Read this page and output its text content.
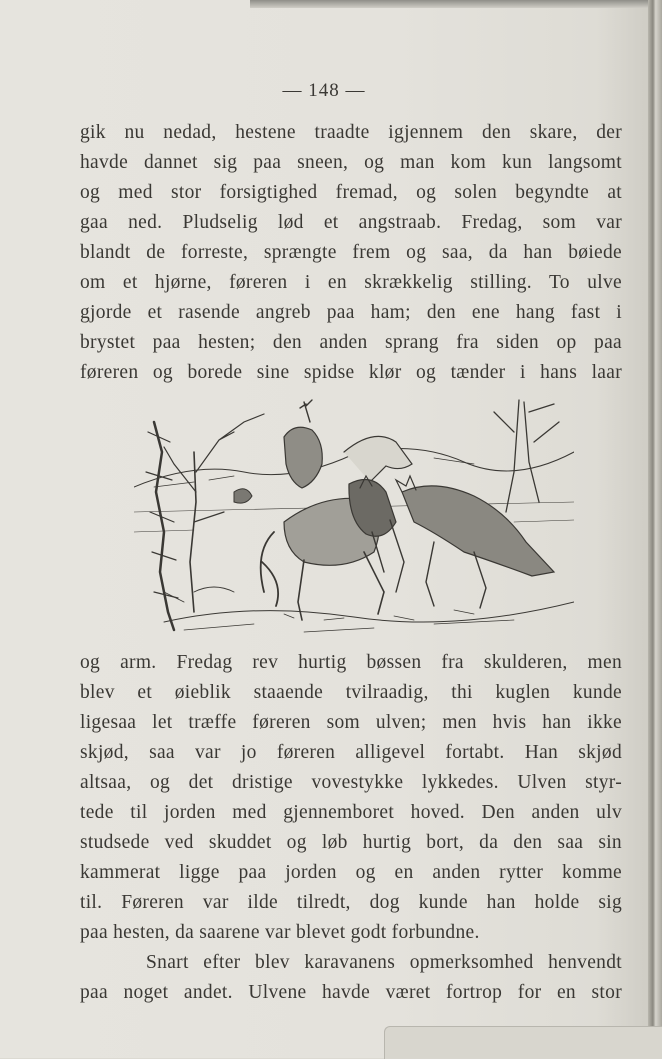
— 148 —
gik nu nedad, hestene traadte igjennem den skare, der
havde dannet sig paa sneen, og man kom kun langsomt
og med stor forsigtighed fremad, og solen begyndte at
gaa ned. Pludselig lød et angstraab. Fredag, som var
blandt de forreste, sprængte frem og saa, da han bøiede
om et hjørne, føreren i en skrækkelig stilling. To ulve
gjorde et rasende angreb paa ham; den ene hang fast i
brystet paa hesten; den anden sprang fra siden op paa
føreren og borede sine spidse klør og tænder i hans laar
og arm. Fredag rev hurtig bøssen fra skulderen, men
blev et øieblik staaende tvilraadig, thi kuglen kunde
ligesaa let træffe føreren som ulven; men hvis han ikke
skjød, saa var jo føreren alligevel fortabt. Han skjød
altsaa, og det dristige vovestykke lykkedes. Ulven styr-
tede til jorden med gjennemboret hoved. Den anden ulv
studsede ved skuddet og løb hurtig bort, da den saa sin
kammerat ligge paa jorden og en anden rytter komme
til. Føreren var ilde tilredt, dog kunde han holde sig
paa hesten, da saarene var blevet godt forbundne.
Snart efter blev karavanens opmerksomhed henvendt
paa noget andet. Ulvene havde været fortrop for en stor
